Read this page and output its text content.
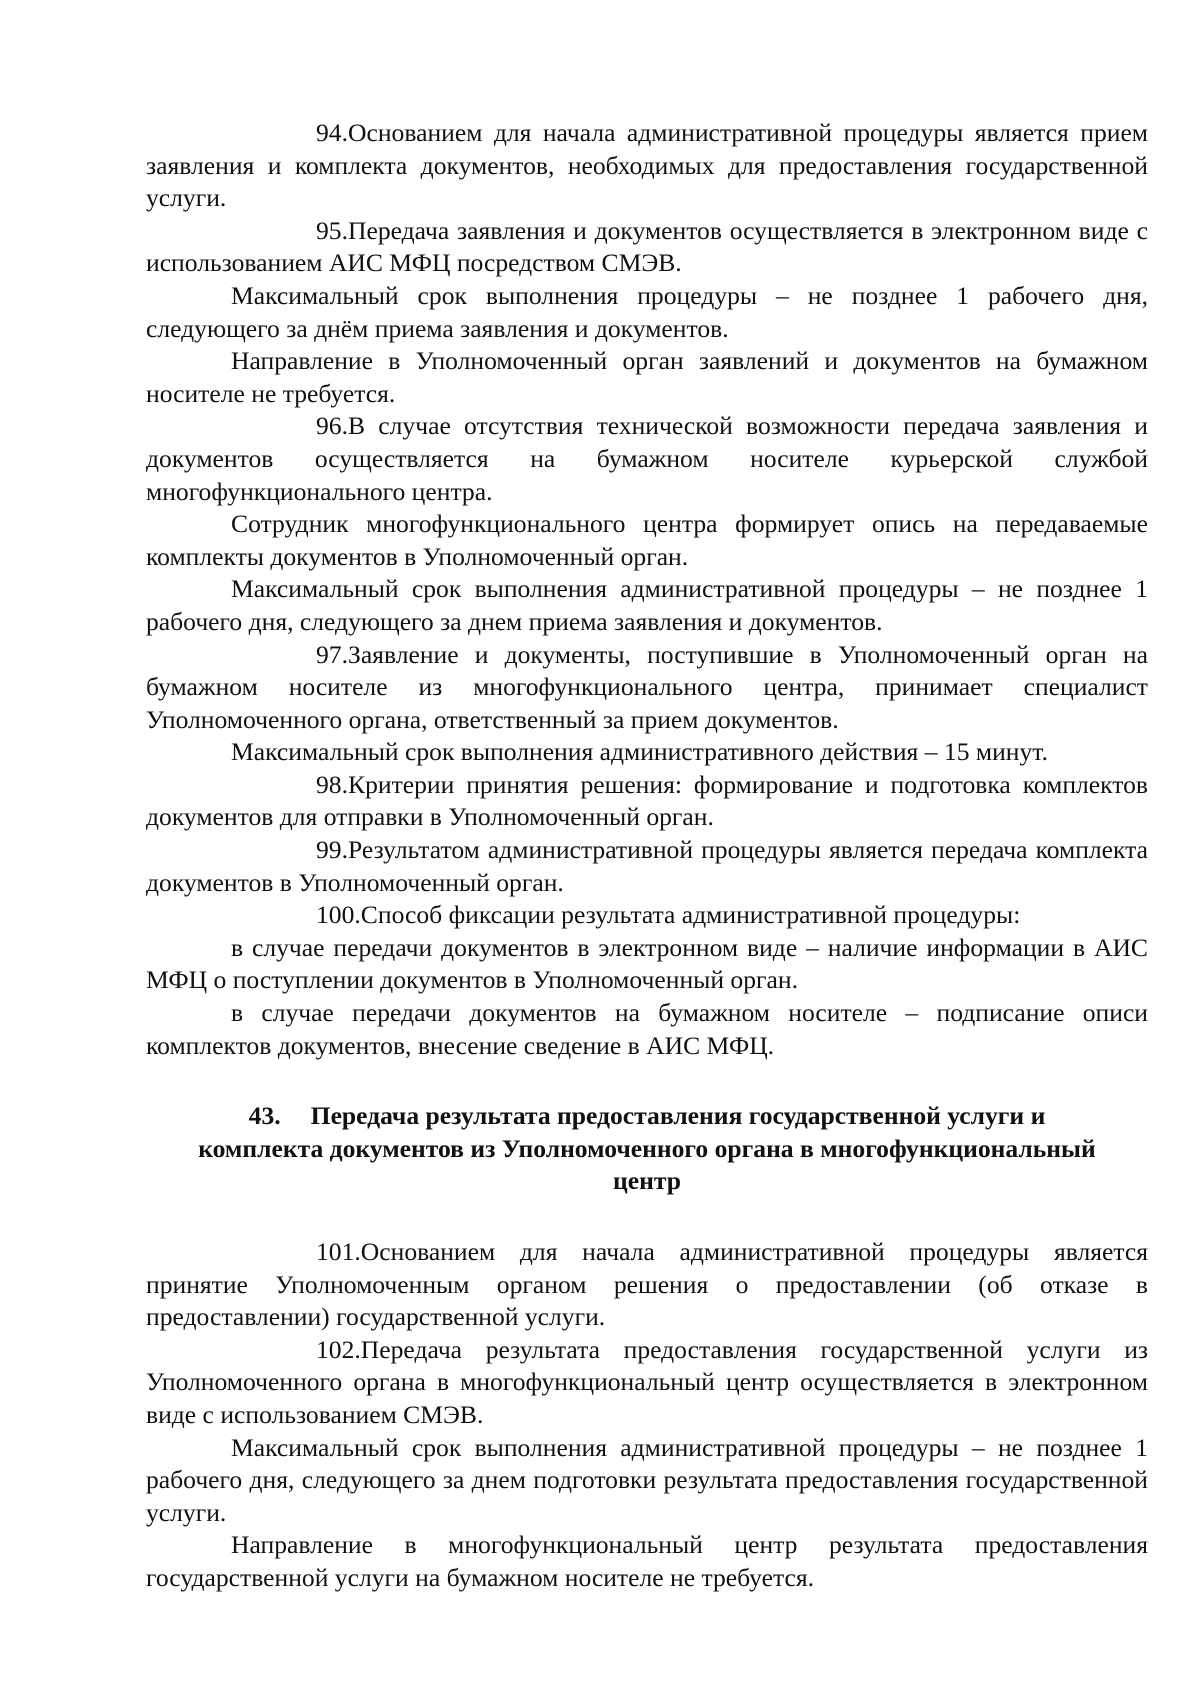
94.Основанием для начала административной процедуры является прием заявления и комплекта документов, необходимых для предоставления государственной услуги.

95.Передача заявления и документов осуществляется в электронном виде с использованием АИС МФЦ посредством СМЭВ.

Максимальный срок выполнения процедуры – не позднее 1 рабочего дня, следующего за днём приема заявления и документов.

Направление в Уполномоченный орган заявлений и документов на бумажном носителе не требуется.

96.В случае отсутствия технической возможности передача заявления и документов осуществляется на бумажном носителе курьерской службой многофункционального центра.

Сотрудник многофункционального центра формирует опись на передаваемые комплекты документов в Уполномоченный орган.

Максимальный срок выполнения административной процедуры – не позднее 1 рабочего дня, следующего за днем приема заявления и документов.

97.Заявление и документы, поступившие в Уполномоченный орган на бумажном носителе из многофункционального центра, принимает специалист Уполномоченного органа, ответственный за прием документов.

Максимальный срок выполнения административного действия – 15 минут.

98.Критерии принятия решения: формирование и подготовка комплектов документов для отправки в Уполномоченный орган.

99.Результатом административной процедуры является передача комплекта документов в Уполномоченный орган.

100.Способ фиксации результата административной процедуры:

в случае передачи документов в электронном виде – наличие информации в АИС МФЦ о поступлении документов в Уполномоченный орган.

в случае передачи документов на бумажном носителе – подписание описи комплектов документов, внесение сведение в АИС МФЦ.

43. Передача результата предоставления государственной услуги и
комплекта документов из Уполномоченного органа в многофункциональный
центр

101.Основанием для начала административной процедуры является принятие Уполномоченным органом решения о предоставлении (об отказе в предоставлении) государственной услуги.

102.Передача результата предоставления государственной услуги из Уполномоченного органа в многофункциональный центр осуществляется в электронном виде с использованием СМЭВ.

Максимальный срок выполнения административной процедуры – не позднее 1 рабочего дня, следующего за днем подготовки результата предоставления государственной услуги.

Направление в многофункциональный центр результата предоставления государственной услуги на бумажном носителе не требуется.
